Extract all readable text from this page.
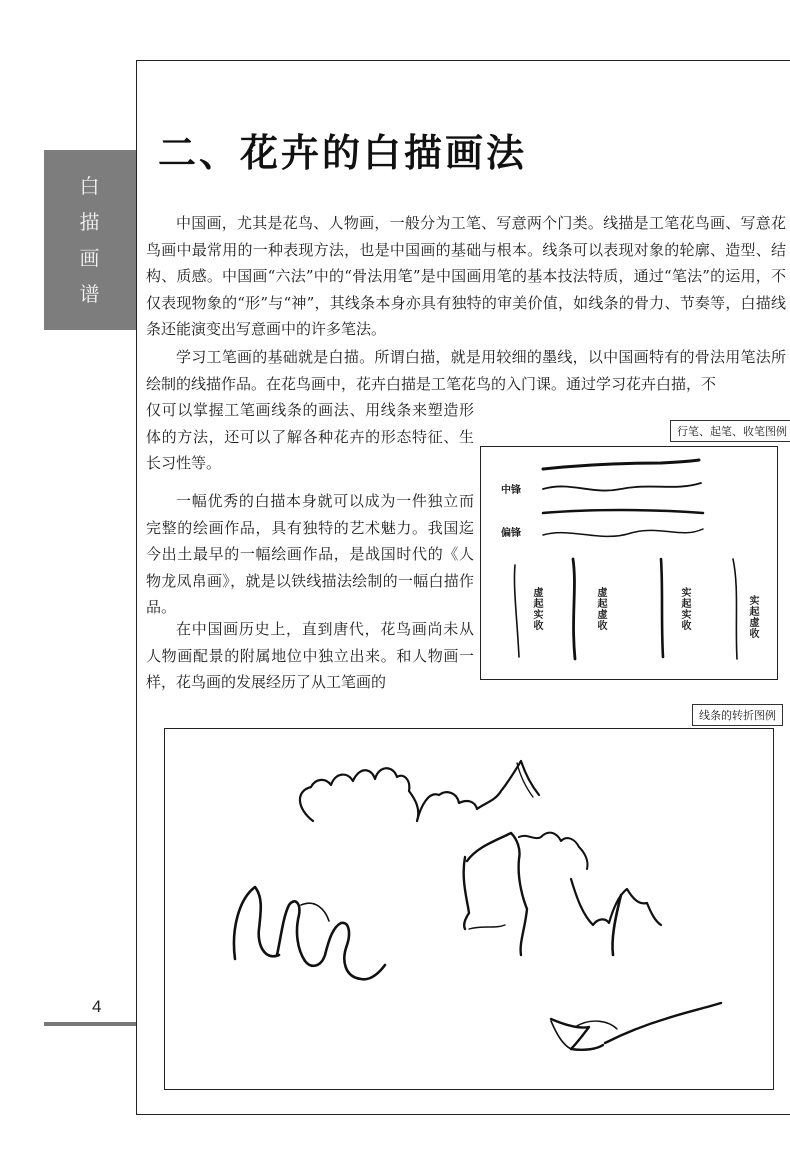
白
描
画
谱
4
二、花卉的白描画法

中国画，尤其是花鸟、人物画，一般分为工笔、写意两个门类。线描是工笔花鸟画、写意花鸟画中最常用的一种表现方法，也是中国画的基础与根本。线条可以表现对象的轮廓、造型、结构、质感。中国画“六法”中的“骨法用笔”是中国画用笔的基本技法特质，通过“笔法”的运用，不仅表现物象的“形”与“神”，其线条本身亦具有独特的审美价值，如线条的骨力、节奏等，白描线条还能演变出写意画中的许多笔法。

学习工笔画的基础就是白描。所谓白描，就是用较细的墨线，以中国画特有的骨法用笔法所绘制的线描作品。在花鸟画中，花卉白描是工笔花鸟的入门课。通过学习花卉白描，不

仅可以掌握工笔画线条的画法、用线条来塑造形体的方法，还可以了解各种花卉的形态特征、生长习性等。

一幅优秀的白描本身就可以成为一件独立而完整的绘画作品，具有独特的艺术魅力。我国迄今出土最早的一幅绘画作品，是战国时代的《人物龙凤帛画》，就是以铁线描法绘制的一幅白描作品。

在中国画历史上，直到唐代，花鸟画尚未从人物画配景的附属地位中独立出来。和人物画一样，花鸟画的发展经历了从工笔画的

行笔、起笔、收笔图例
中锋
偏锋
虚起实收	虚起虚收	实起实收	实起虚收
线条的转折图例
